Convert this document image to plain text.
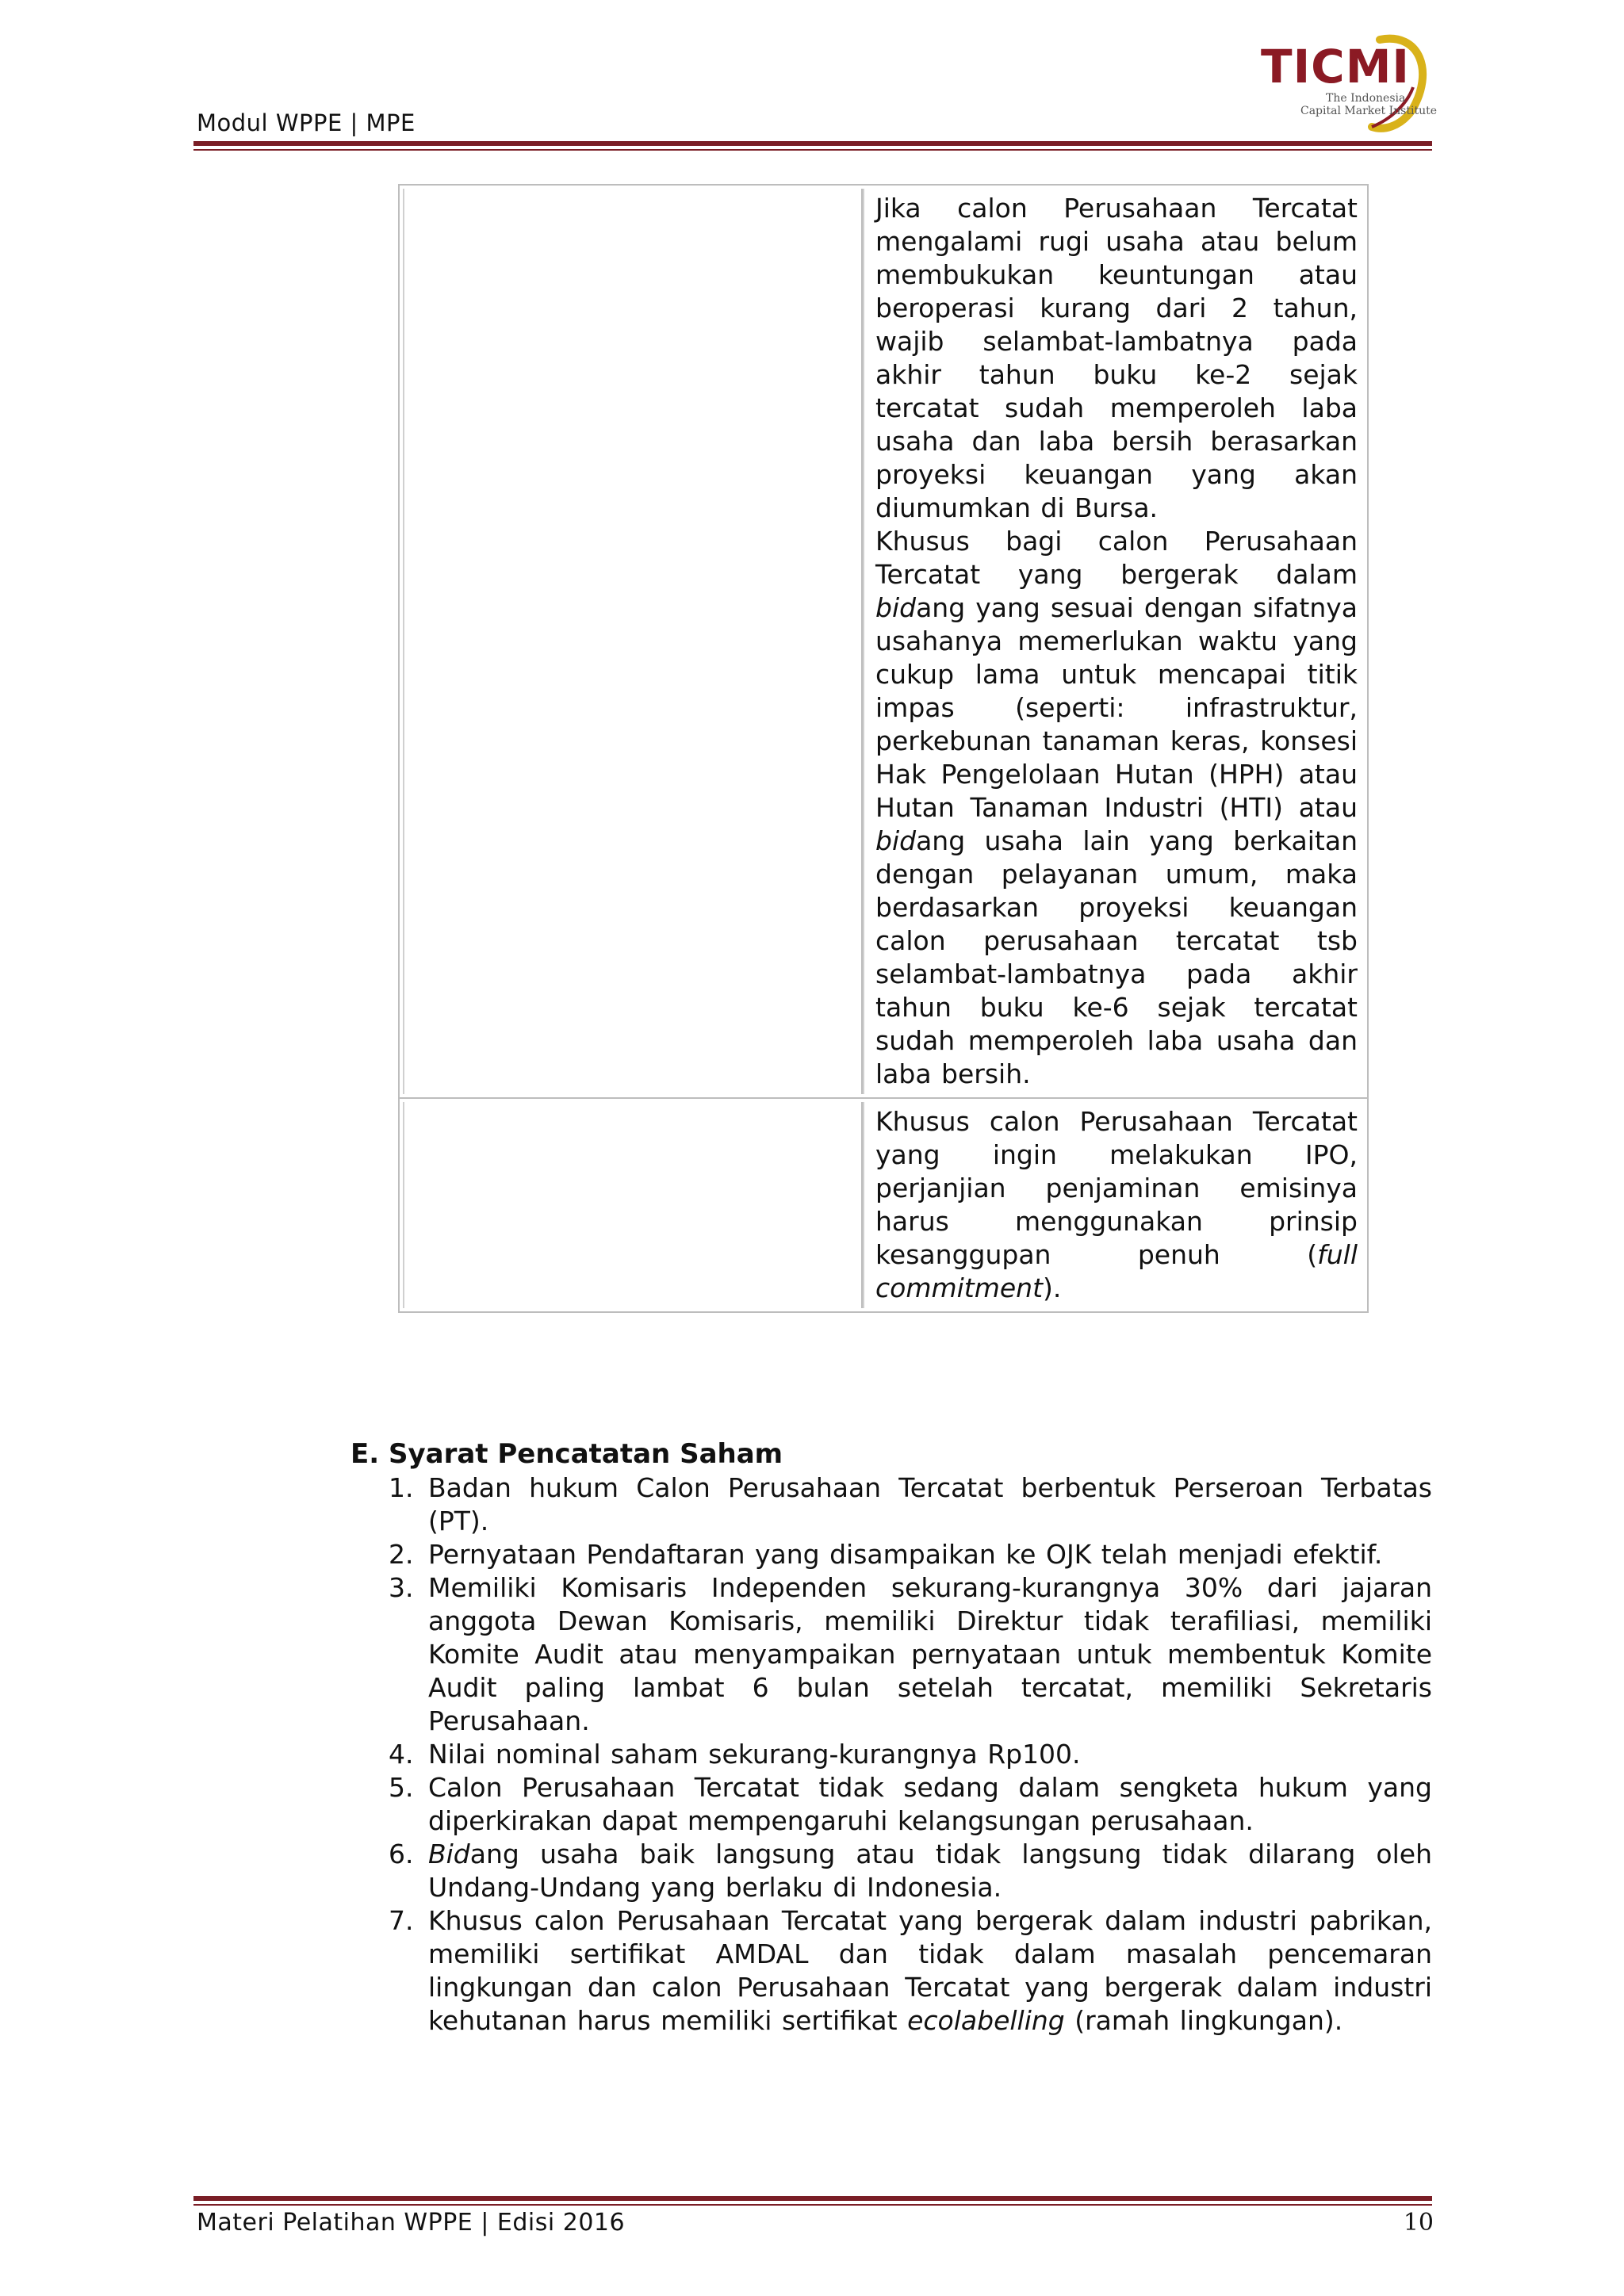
Modul WPPE | MPE
TICMI
The Indonesia
Capital Market Institute

Jika calon Perusahaan Tercatat mengalami rugi usaha atau belum membukukan keuntungan atau beroperasi kurang dari 2 tahun, wajib selambat-lambatnya pada akhir tahun buku ke-2 sejak tercatat sudah memperoleh laba usaha dan laba bersih berasarkan proyeksi keuangan yang akan diumumkan di Bursa.

Khusus bagi calon Perusahaan Tercatat yang bergerak dalam bidang yang sesuai dengan sifatnya usahanya memerlukan waktu yang cukup lama untuk mencapai titik impas (seperti: infrastruktur, perkebunan tanaman keras, konsesi Hak Pengelolaan Hutan (HPH) atau Hutan Tanaman Industri (HTI) atau bidang usaha lain yang berkaitan dengan pelayanan umum, maka berdasarkan proyeksi keuangan calon perusahaan tercatat tsb selambat-lambatnya pada akhir tahun buku ke-6 sejak tercatat sudah memperoleh laba usaha dan laba bersih.

Khusus calon Perusahaan Tercatat yang ingin melakukan IPO, perjanjian penjaminan emisinya harus menggunakan prinsip kesanggupan penuh (full commitment).

E. Syarat Pencatatan Saham

1. Badan hukum Calon Perusahaan Tercatat berbentuk Perseroan Terbatas (PT).
2. Pernyataan Pendaftaran yang disampaikan ke OJK telah menjadi efektif.
3. Memiliki Komisaris Independen sekurang-kurangnya 30% dari jajaran anggota Dewan Komisaris, memiliki Direktur tidak terafiliasi, memiliki Komite Audit atau menyampaikan pernyataan untuk membentuk Komite Audit paling lambat 6 bulan setelah tercatat, memiliki Sekretaris Perusahaan.
4. Nilai nominal saham sekurang-kurangnya Rp100.
5. Calon Perusahaan Tercatat tidak sedang dalam sengketa hukum yang diperkirakan dapat mempengaruhi kelangsungan perusahaan.
6. Bidang usaha baik langsung atau tidak langsung tidak dilarang oleh Undang-Undang yang berlaku di Indonesia.
7. Khusus calon Perusahaan Tercatat yang bergerak dalam industri pabrikan, memiliki sertifikat AMDAL dan tidak dalam masalah pencemaran lingkungan dan calon Perusahaan Tercatat yang bergerak dalam industri kehutanan harus memiliki sertifikat ecolabelling (ramah lingkungan).
Materi Pelatihan WPPE | Edisi 2016	10
